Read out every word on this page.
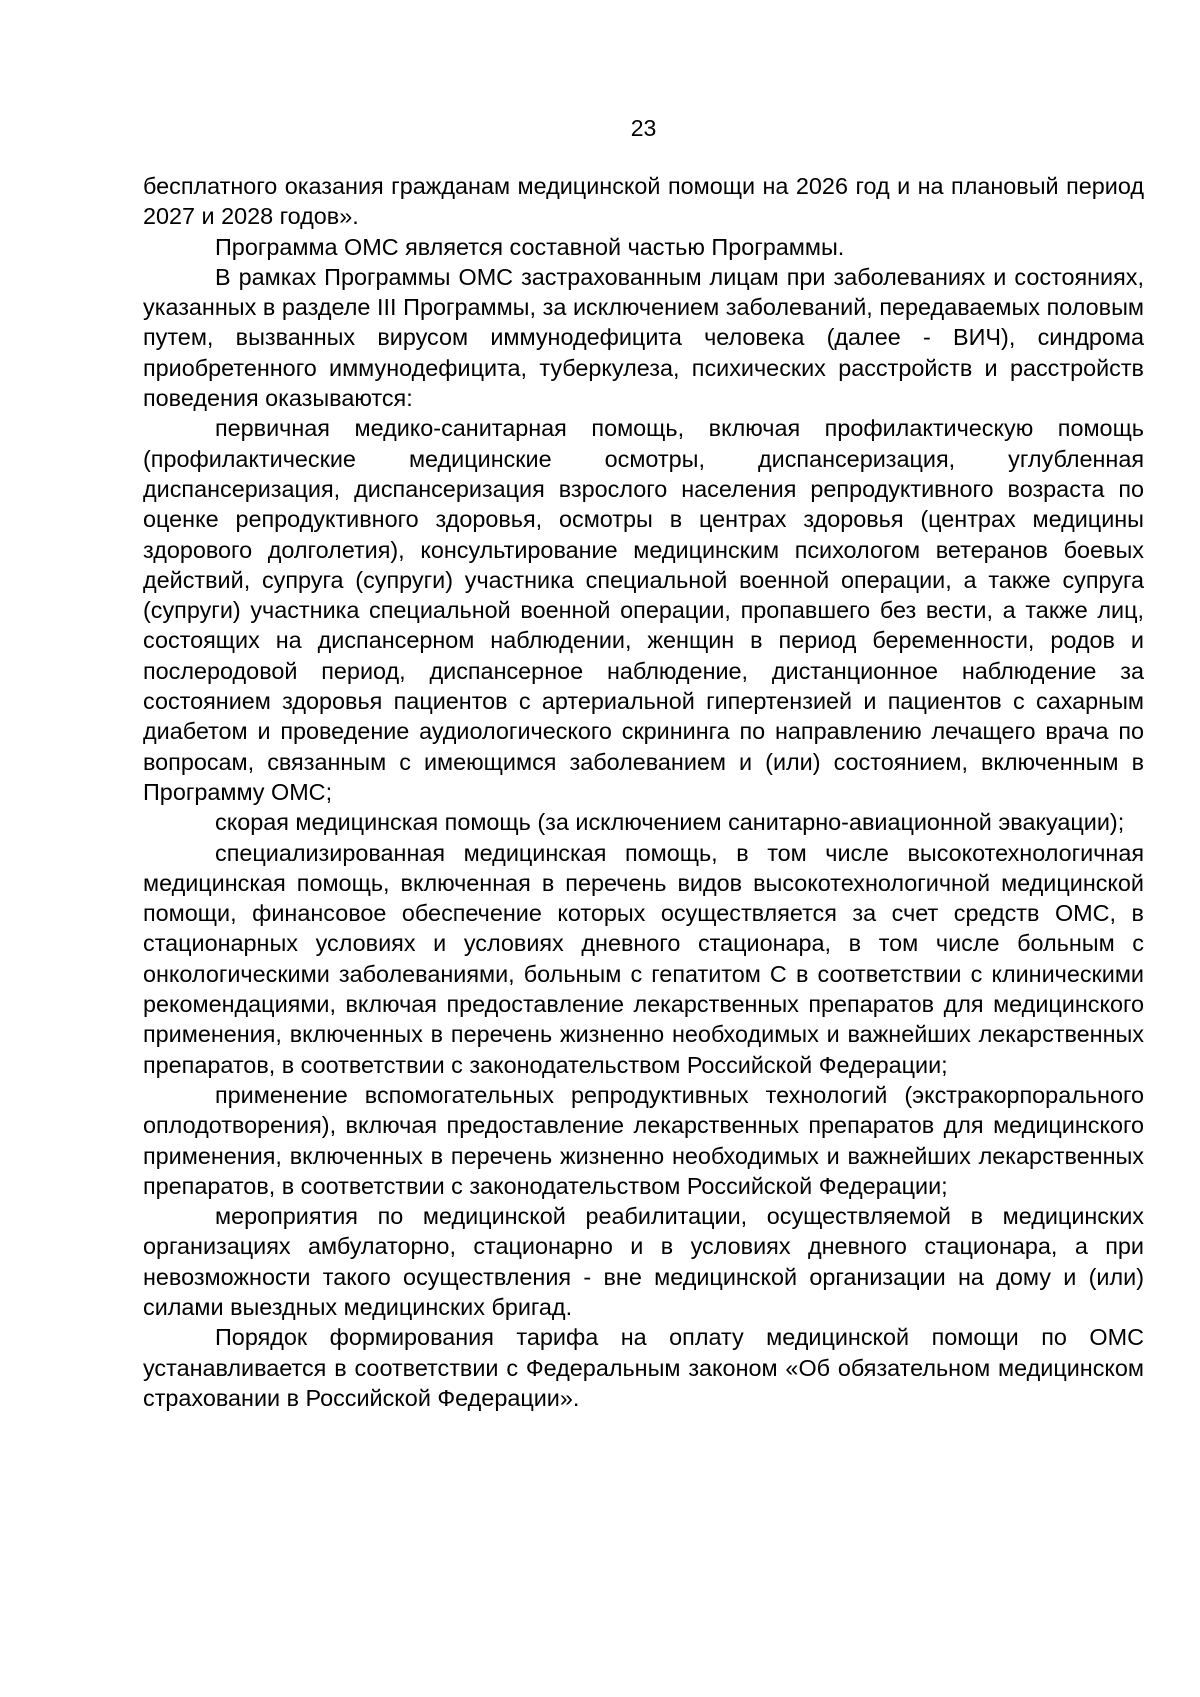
23

бесплатного оказания гражданам медицинской помощи на 2026 год и на плановый период 2027 и 2028 годов».

Программа ОМС является составной частью Программы.

В рамках Программы ОМС застрахованным лицам при заболеваниях и состояниях, указанных в разделе III Программы, за исключением заболеваний, передаваемых половым путем, вызванных вирусом иммунодефицита человека (далее - ВИЧ), синдрома приобретенного иммунодефицита, туберкулеза, психических расстройств и расстройств поведения оказываются:

первичная медико-санитарная помощь, включая профилактическую помощь (профилактические медицинские осмотры, диспансеризация, углубленная диспансеризация, диспансеризация взрослого населения репродуктивного возраста по оценке репродуктивного здоровья, осмотры в центрах здоровья (центрах медицины здорового долголетия), консультирование медицинским психологом ветеранов боевых действий, супруга (супруги) участника специальной военной операции, а также супруга (супруги) участника специальной военной операции, пропавшего без вести, а также лиц, состоящих на диспансерном наблюдении, женщин в период беременности, родов и послеродовой период, диспансерное наблюдение, дистанционное наблюдение за состоянием здоровья пациентов с артериальной гипертензией и пациентов с сахарным диабетом и проведение аудиологического скрининга по направлению лечащего врача по вопросам, связанным с имеющимся заболеванием и (или) состоянием, включенным в Программу ОМС;

скорая медицинская помощь (за исключением санитарно-авиационной эвакуации);

специализированная медицинская помощь, в том числе высокотехнологичная медицинская помощь, включенная в перечень видов высокотехнологичной медицинской помощи, финансовое обеспечение которых осуществляется за счет средств ОМС, в стационарных условиях и условиях дневного стационара, в том числе больным с онкологическими заболеваниями, больным с гепатитом С в соответствии с клиническими рекомендациями, включая предоставление лекарственных препаратов для медицинского применения, включенных в перечень жизненно необходимых и важнейших лекарственных препаратов, в соответствии с законодательством Российской Федерации;

применение вспомогательных репродуктивных технологий (экстракорпорального оплодотворения), включая предоставление лекарственных препаратов для медицинского применения, включенных в перечень жизненно необходимых и важнейших лекарственных препаратов, в соответствии с законодательством Российской Федерации;

мероприятия по медицинской реабилитации, осуществляемой в медицинских организациях амбулаторно, стационарно и в условиях дневного стационара, а при невозможности такого осуществления - вне медицинской организации на дому и (или) силами выездных медицинских бригад.

Порядок формирования тарифа на оплату медицинской помощи по ОМС устанавливается в соответствии с Федеральным законом «Об обязательном медицинском страховании в Российской Федерации».
